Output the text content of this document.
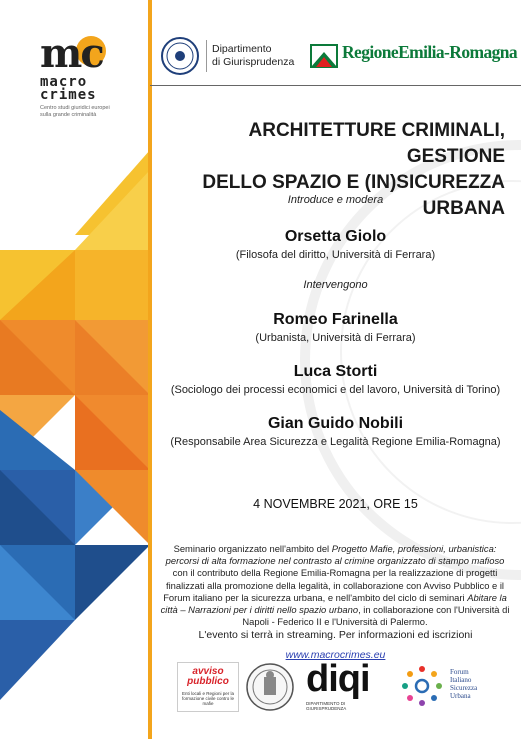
mc
macro
crimes
Centro studi giuridici europei sulla grande criminalità
Dipartimento
di Giurisprudenza	RegioneEmilia-Romagna
ARCHITETTURE CRIMINALI, GESTIONE
DELLO SPAZIO E (IN)SICUREZZA URBANA
Introduce e modera
Orsetta Giolo
(Filosofa del diritto, Università di Ferrara)
Intervengono
Romeo Farinella
(Urbanista, Università di Ferrara)
Luca Storti
(Sociologo dei processi economici e del lavoro, Università di Torino)
Gian Guido Nobili
(Responsabile Area Sicurezza e Legalità Regione Emilia-Romagna)
4 NOVEMBRE 2021, ORE 15
Seminario organizzato nell'ambito del Progetto Mafie, professioni, urbanistica: percorsi di alta formazione nel contrasto al crimine organizzato di stampo mafioso con il contributo della Regione Emilia-Romagna per la realizzazione di progetti finalizzati alla promozione della legalità, in collaborazione con Avviso Pubblico e il Forum italiano per la sicurezza urbana, e nell'ambito del ciclo di seminari Abitare la città – Narrazioni per i diritti nello spazio urbano, in collaborazione con l'Università di Napoli - Federico II e l'Università di Palermo.
L'evento si terrà in streaming. Per informazioni ed iscrizioni
www.macrocrimes.eu
avviso pubblico
Enti locali e Regioni per la formazione civile contro le mafie
diqi
DIPARTIMENTO DI GIURISPRUDENZA
Forum
Italiano
Sicurezza
Urbana
